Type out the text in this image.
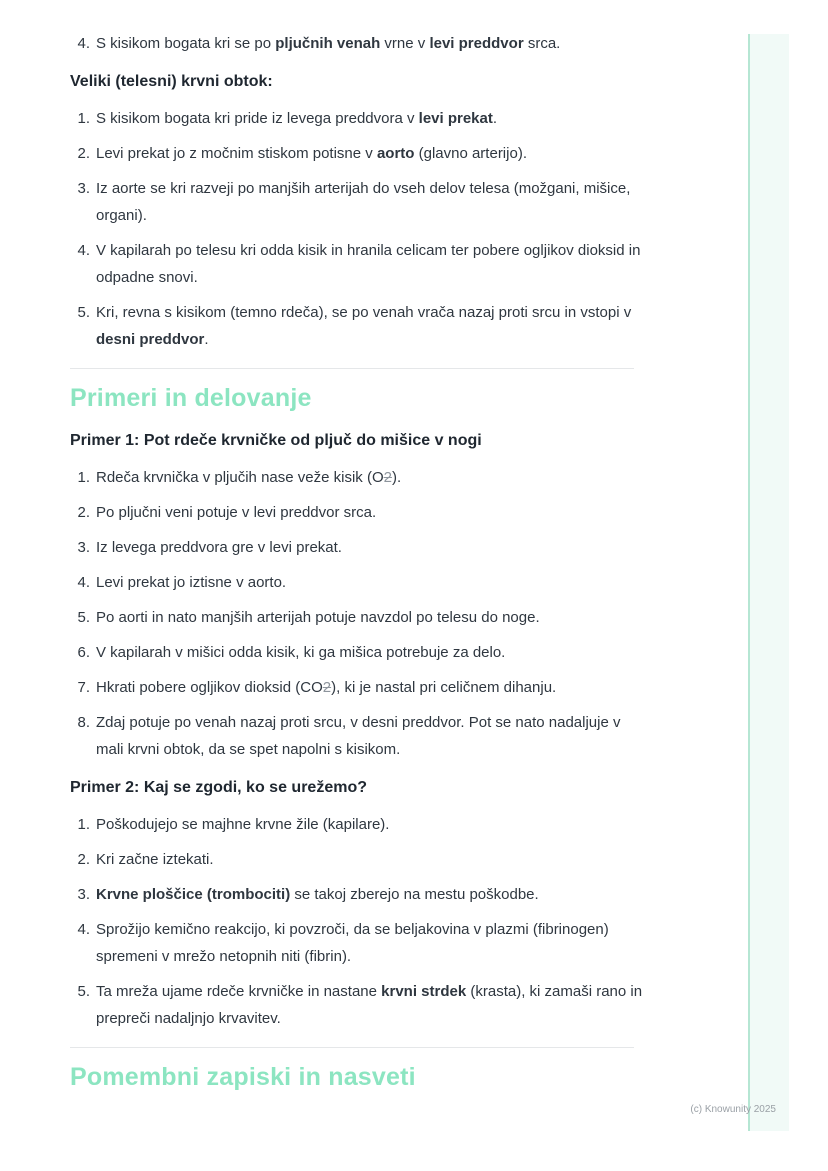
4. S kisikom bogata kri se po pljučnih venah vrne v levi preddvor srca.
Veliki (telesni) krvni obtok:
1. S kisikom bogata kri pride iz levega preddvora v levi prekat.
2. Levi prekat jo z močnim stiskom potisne v aorto (glavno arterijo).
3. Iz aorte se kri razveji po manjših arterijah do vseh delov telesa (možgani, mišice, organi).
4. V kapilarah po telesu kri odda kisik in hranila celicam ter pobere ogljikov dioksid in odpadne snovi.
5. Kri, revna s kisikom (temno rdeča), se po venah vrača nazaj proti srcu in vstopi v desni preddvor.
Primeri in delovanje
Primer 1: Pot rdeče krvničke od pljuč do mišice v nogi
1. Rdeča krvnička v pljučih nase veže kisik (O2).
2. Po pljučni veni potuje v levi preddvor srca.
3. Iz levega preddvora gre v levi prekat.
4. Levi prekat jo iztisne v aorto.
5. Po aorti in nato manjših arterijah potuje navzdol po telesu do noge.
6. V kapilarah v mišici odda kisik, ki ga mišica potrebuje za delo.
7. Hkrati pobere ogljikov dioksid (CO2), ki je nastal pri celičnem dihanju.
8. Zdaj potuje po venah nazaj proti srcu, v desni preddvor. Pot se nato nadaljuje v mali krvni obtok, da se spet napolni s kisikom.
Primer 2: Kaj se zgodi, ko se urežemo?
1. Poškodujejo se majhne krvne žile (kapilare).
2. Kri začne iztekati.
3. Krvne ploščice (trombociti) se takoj zberejo na mestu poškodbe.
4. Sprožijo kemično reakcijo, ki povzroči, da se beljakovina v plazmi (fibrinogen) spremeni v mrežo netopnih niti (fibrin).
5. Ta mreža ujame rdeče krvničke in nastane krvni strdek (krasta), ki zamaši rano in prepreči nadaljnjo krvavitev.
Pomembni zapiski in nasveti
(c) Knowunity 2025
